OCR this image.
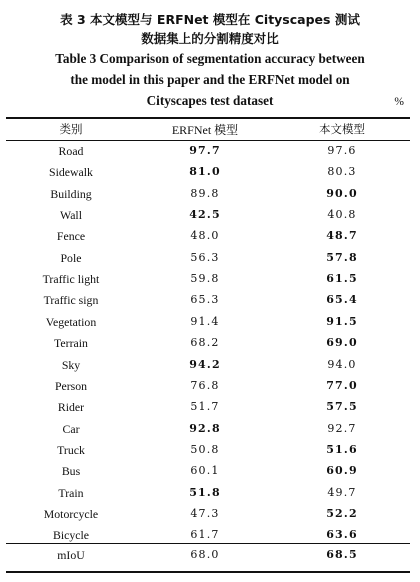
表 3 本文模型与 ERFNet 模型在 Cityscapes 测试
数据集上的分割精度对比
Table 3 Comparison of segmentation accuracy between
the model in this paper and the ERFNet model on
Cityscapes test dataset	%
类别	ERFNet 模型	本文模型
Road	97.7	97.6
Sidewalk	81.0	80.3
Building	89.8	90.0
Wall	42.5	40.8
Fence	48.0	48.7
Pole	56.3	57.8
Traffic light	59.8	61.5
Traffic sign	65.3	65.4
Vegetation	91.4	91.5
Terrain	68.2	69.0
Sky	94.2	94.0
Person	76.8	77.0
Rider	51.7	57.5
Car	92.8	92.7
Truck	50.8	51.6
Bus	60.1	60.9
Train	51.8	49.7
Motorcycle	47.3	52.2
Bicycle	61.7	63.6
mIoU	68.0	68.5
